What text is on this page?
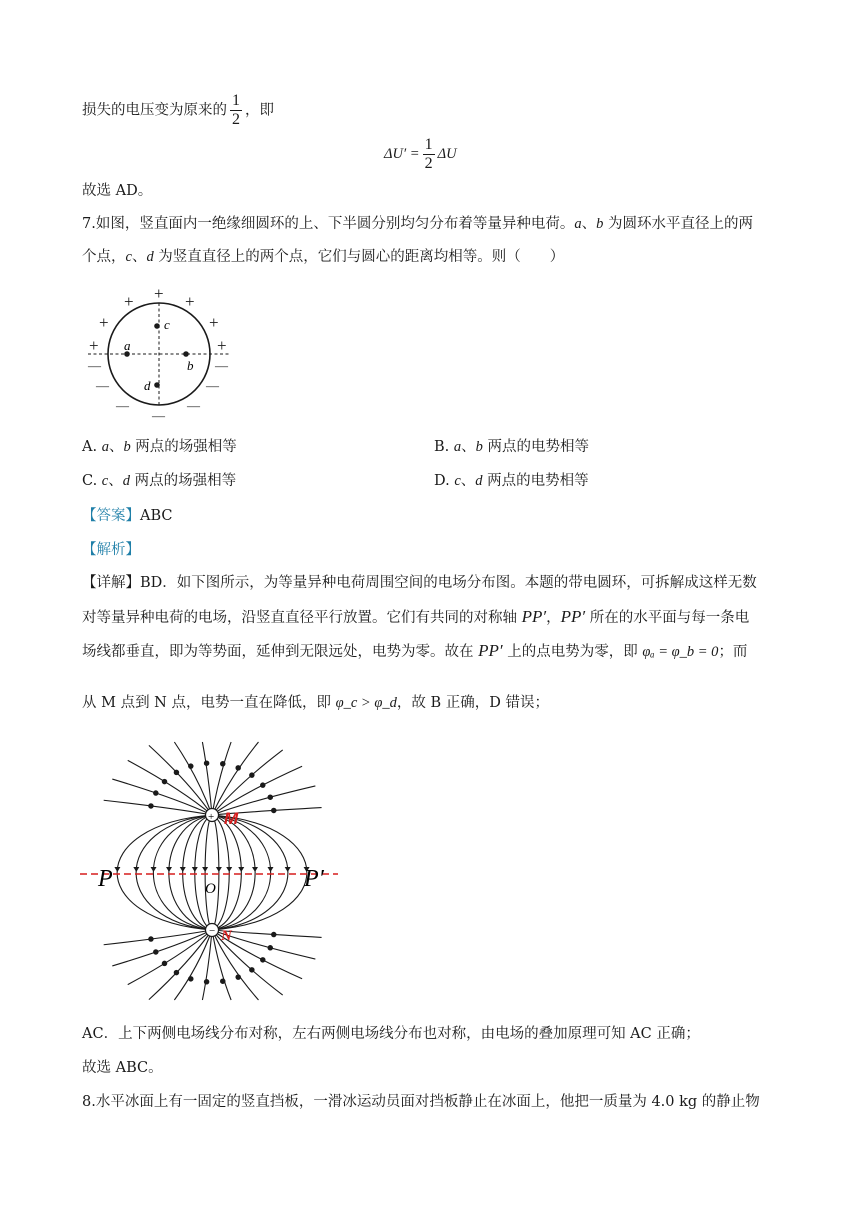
损失的电压变为原来的 $\frac{1}{2}$ ，即
$\Delta U' = \frac{1}{2}$ ΔU
故选 AD。
7.如图，竖直面内一绝缘细圆环的上、下半圆分别均匀分布着等量异种电荷。a、b 为圆环水平直径上的两
个点，c、d 为竖直直径上的两个点，它们与圆心的距离均相等。则（　　）
+
+	+
+	+
+	+
—	—
—	—
—	—
—
c
a
b
d
A. a、b 两点的场强相等	B. a、b 两点的电势相等
C. c、d 两点的场强相等	D. c、d 两点的电势相等
【答案】ABC
【解析】
【详解】BD．如下图所示，为等量异种电荷周围空间的电场分布图。本题的带电圆环，可拆解成这样无数
对等量异种电荷的电场，沿竖直直径平行放置。它们有共同的对称轴 PP′，PP′ 所在的水平面与每一条电
场线都垂直，即为等势面，延伸到无限远处，电势为零。故在 PP′ 上的点电势为零，即 φₐ = φ_b = 0；而
从 M 点到 N 点，电势一直在降低，即 φ_c > φ_d，故 B 正确，D 错误；
+
−
M
N
P	P′
O
AC．上下两侧电场线分布对称，左右两侧电场线分布也对称，由电场的叠加原理可知 AC 正确；
故选 ABC。
8.水平冰面上有一固定的竖直挡板，一滑冰运动员面对挡板静止在冰面上，他把一质量为 4.0 kg 的静止物
